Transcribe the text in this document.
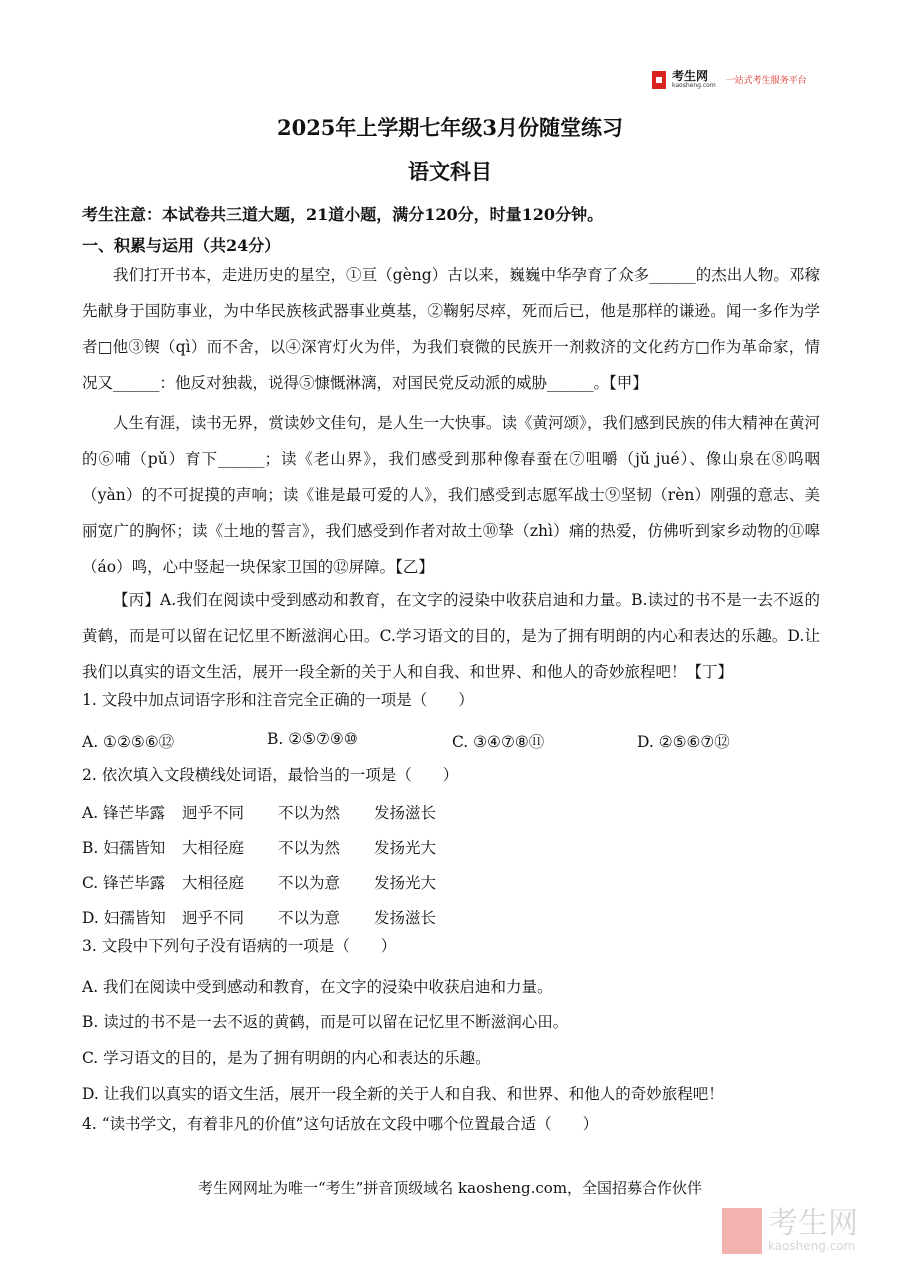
考生网
kaosheng.com 一站式考生服务平台
2025年上学期七年级3月份随堂练习
语文科目
考生注意：本试卷共三道大题，21道小题，满分120分，时量120分钟。
一、积累与运用（共24分）
我们打开书本，走进历史的星空，①亘（gèng）古以来，巍巍中华孕育了众多______的杰出人物。邓稼先献身于国防事业，为中华民族核武器事业奠基，②鞠躬尽瘁，死而后已，他是那样的谦逊。闻一多作为学者□他③锲（qì）而不舍，以④深宵灯火为伴，为我们衰微的民族开一剂救济的文化药方□作为革命家，情况又______：他反对独裁，说得⑤慷慨淋漓，对国民党反动派的威胁______。【甲】
人生有涯，读书无界，赏读妙文佳句，是人生一大快事。读《黄河颂》，我们感到民族的伟大精神在黄河的⑥哺（pǔ）育下______；读《老山界》，我们感受到那种像春蚕在⑦咀嚼（jǔ jué）、像山泉在⑧呜咽（yàn）的不可捉摸的声响；读《谁是最可爱的人》，我们感受到志愿军战士⑨坚韧（rèn）刚强的意志、美丽宽广的胸怀；读《土地的誓言》，我们感受到作者对故土⑩挚（zhì）痛的热爱，仿佛听到家乡动物的⑪嗥（áo）鸣，心中竖起一块保家卫国的⑫屏障。【乙】
【丙】A.我们在阅读中受到感动和教育，在文字的浸染中收获启迪和力量。B.读过的书不是一去不返的黄鹤，而是可以留在记忆里不断滋润心田。C.学习语文的目的，是为了拥有明朗的内心和表达的乐趣。D.让我们以真实的语文生活，展开一段全新的关于人和自我、和世界、和他人的奇妙旅程吧！【丁】
1. 文段中加点词语字形和注音完全正确的一项是（　　）
A. ①②⑤⑥⑫	B. ②⑤⑦⑨⑩	C. ③④⑦⑧⑪	D. ②⑤⑥⑦⑫
2. 依次填入文段横线处词语，最恰当的一项是（　　）
A. 锋芒毕露	迥乎不同	不以为然	发扬滋长
B. 妇孺皆知	大相径庭	不以为然	发扬光大
C. 锋芒毕露	大相径庭	不以为意	发扬光大
D. 妇孺皆知	迥乎不同	不以为意	发扬滋长
3. 文段中下列句子没有语病的一项是（　　）
A. 我们在阅读中受到感动和教育，在文字的浸染中收获启迪和力量。
B. 读过的书不是一去不返的黄鹤，而是可以留在记忆里不断滋润心田。
C. 学习语文的目的，是为了拥有明朗的内心和表达的乐趣。
D. 让我们以真实的语文生活，展开一段全新的关于人和自我、和世界、和他人的奇妙旅程吧！
4. “读书学文，有着非凡的价值”这句话放在文段中哪个位置最合适（　　）
考生网网址为唯一“考生”拼音顶级域名 kaosheng.com，全国招募合作伙伴
考生网
kaosheng.com
